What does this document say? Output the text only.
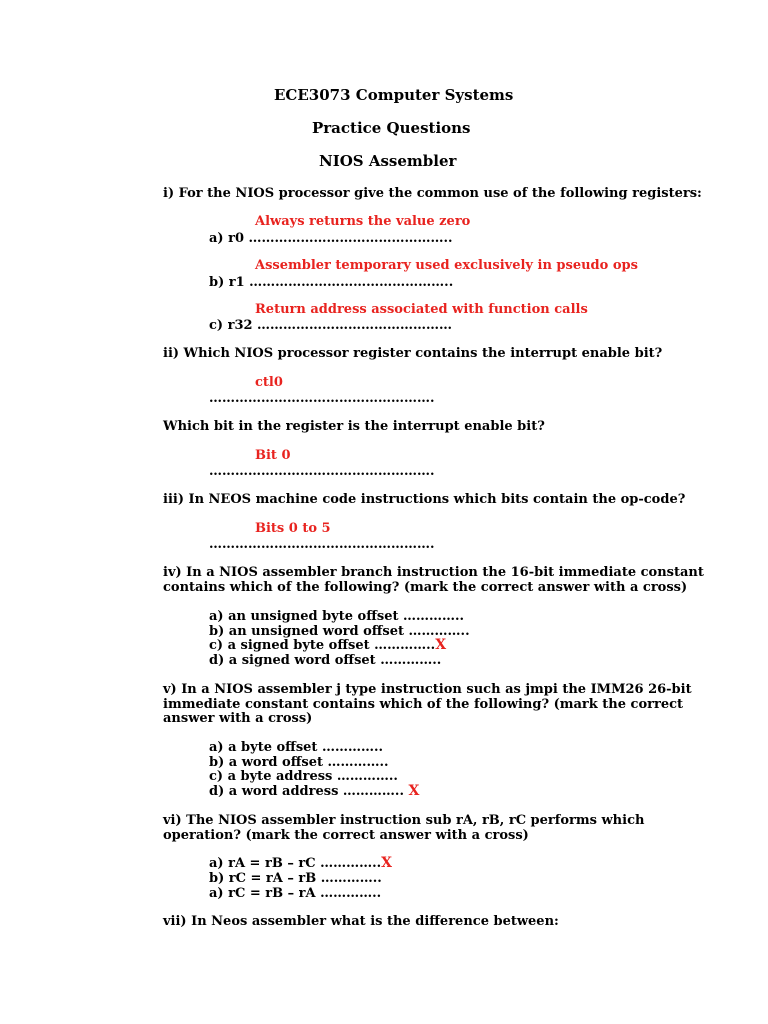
ECE3073 Computer Systems
Practice Questions
NIOS Assembler
i) For the NIOS processor give the common use of the following registers:
Always returns the value zero
a) r0 ………………………………………..
Assembler temporary used exclusively in pseudo ops
b) r1 ………………………………………..
Return address associated with function calls
c) r32 ………………………………………
ii) Which NIOS processor register contains the interrupt enable bit?
ctl0
…………………………………………….
Which bit in the register is the interrupt enable bit?
Bit 0
…………………………………………….
iii) In NEOS machine code instructions which bits contain the op-code?
Bits 0 to 5
…………………………………………….
iv) In a NIOS assembler branch instruction the 16-bit immediate constant
contains which of the following? (mark the correct answer with a cross)
a) an unsigned byte offset …………..
b) an unsigned word offset …………..
c) a signed byte offset …………..X
d) a signed word offset …………..
v) In a NIOS assembler j type instruction such as jmpi the IMM26 26-bit
immediate constant contains which of the following? (mark the correct
answer with a cross)
a) a byte offset …………..
b) a word offset …………..
c) a byte address …………..
d) a word address ………….. X
vi) The NIOS assembler instruction sub rA, rB, rC performs which
operation? (mark the correct answer with a cross)
a) rA = rB – rC …………..X
b) rC = rA – rB …………..
a) rC = rB – rA …………..
vii) In Neos assembler what is the difference between:
